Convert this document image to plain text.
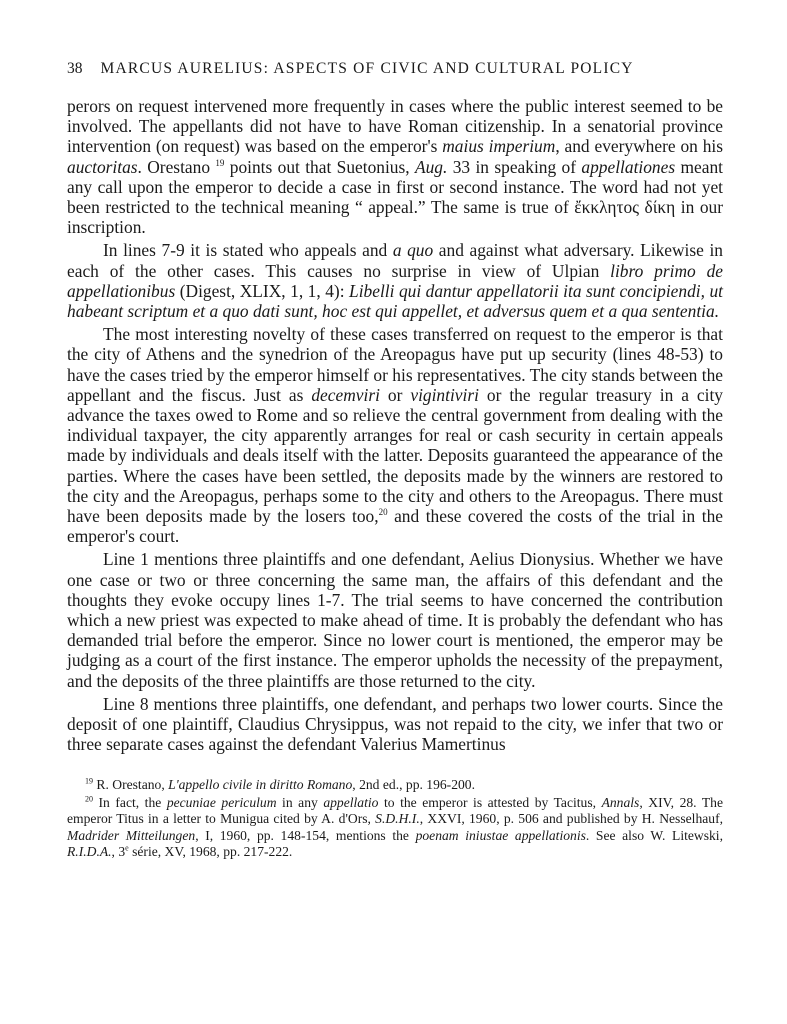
38 MARCUS AURELIUS: ASPECTS OF CIVIC AND CULTURAL POLICY

perors on request intervened more frequently in cases where the public interest seemed to be involved. The appellants did not have to have Roman citizenship. In a senatorial province intervention (on request) was based on the emperor's maius imperium, and everywhere on his auctoritas. Orestano $^{19}$ points out that Suetonius, Aug. 33 in speaking of appellationes meant any call upon the emperor to decide a case in first or second instance. The word had not yet been restricted to the technical meaning “ appeal.” The same is true of ἔκκλητος δίκη in our inscription.

In lines 7-9 it is stated who appeals and a quo and against what adversary. Likewise in each of the other cases. This causes no surprise in view of Ulpian libro primo de appellationibus (Digest, XLIX, 1, 1, 4): Libelli qui dantur appellatorii ita sunt concipiendi, ut habeant scriptum et a quo dati sunt, hoc est qui appellet, et adversus quem et a qua sententia.

The most interesting novelty of these cases transferred on request to the emperor is that the city of Athens and the synedrion of the Areopagus have put up security (lines 48-53) to have the cases tried by the emperor himself or his representatives. The city stands between the appellant and the fiscus. Just as decemviri or vigintiviri or the regular treasury in a city advance the taxes owed to Rome and so relieve the central government from dealing with the individual taxpayer, the city apparently arranges for real or cash security in certain appeals made by individuals and deals itself with the latter. Deposits guaranteed the appearance of the parties. Where the cases have been settled, the deposits made by the winners are restored to the city and the Areopagus, perhaps some to the city and others to the Areopagus. There must have been deposits made by the losers too,$^{20}$ and these covered the costs of the trial in the emperor's court.

Line 1 mentions three plaintiffs and one defendant, Aelius Dionysius. Whether we have one case or two or three concerning the same man, the affairs of this defendant and the thoughts they evoke occupy lines 1-7. The trial seems to have concerned the contribution which a new priest was expected to make ahead of time. It is probably the defendant who has demanded trial before the emperor. Since no lower court is mentioned, the emperor may be judging as a court of the first instance. The emperor upholds the necessity of the prepayment, and the deposits of the three plaintiffs are those returned to the city.

Line 8 mentions three plaintiffs, one defendant, and perhaps two lower courts. Since the deposit of one plaintiff, Claudius Chrysippus, was not repaid to the city, we infer that two or three separate cases against the defendant Valerius Mamertinus

$^{19}$ R. Orestano, L'appello civile in diritto Romano, 2nd ed., pp. 196-200.

$^{20}$ In fact, the pecuniae periculum in any appellatio to the emperor is attested by Tacitus, Annals, XIV, 28. The emperor Titus in a letter to Munigua cited by A. d'Ors, S.D.H.I., XXVI, 1960, p. 506 and published by H. Nesselhauf, Madrider Mitteilungen, I, 1960, pp. 148-154, mentions the poenam iniustae appellationis. See also W. Litewski, R.I.D.A., 3e série, XV, 1968, pp. 217-222.
